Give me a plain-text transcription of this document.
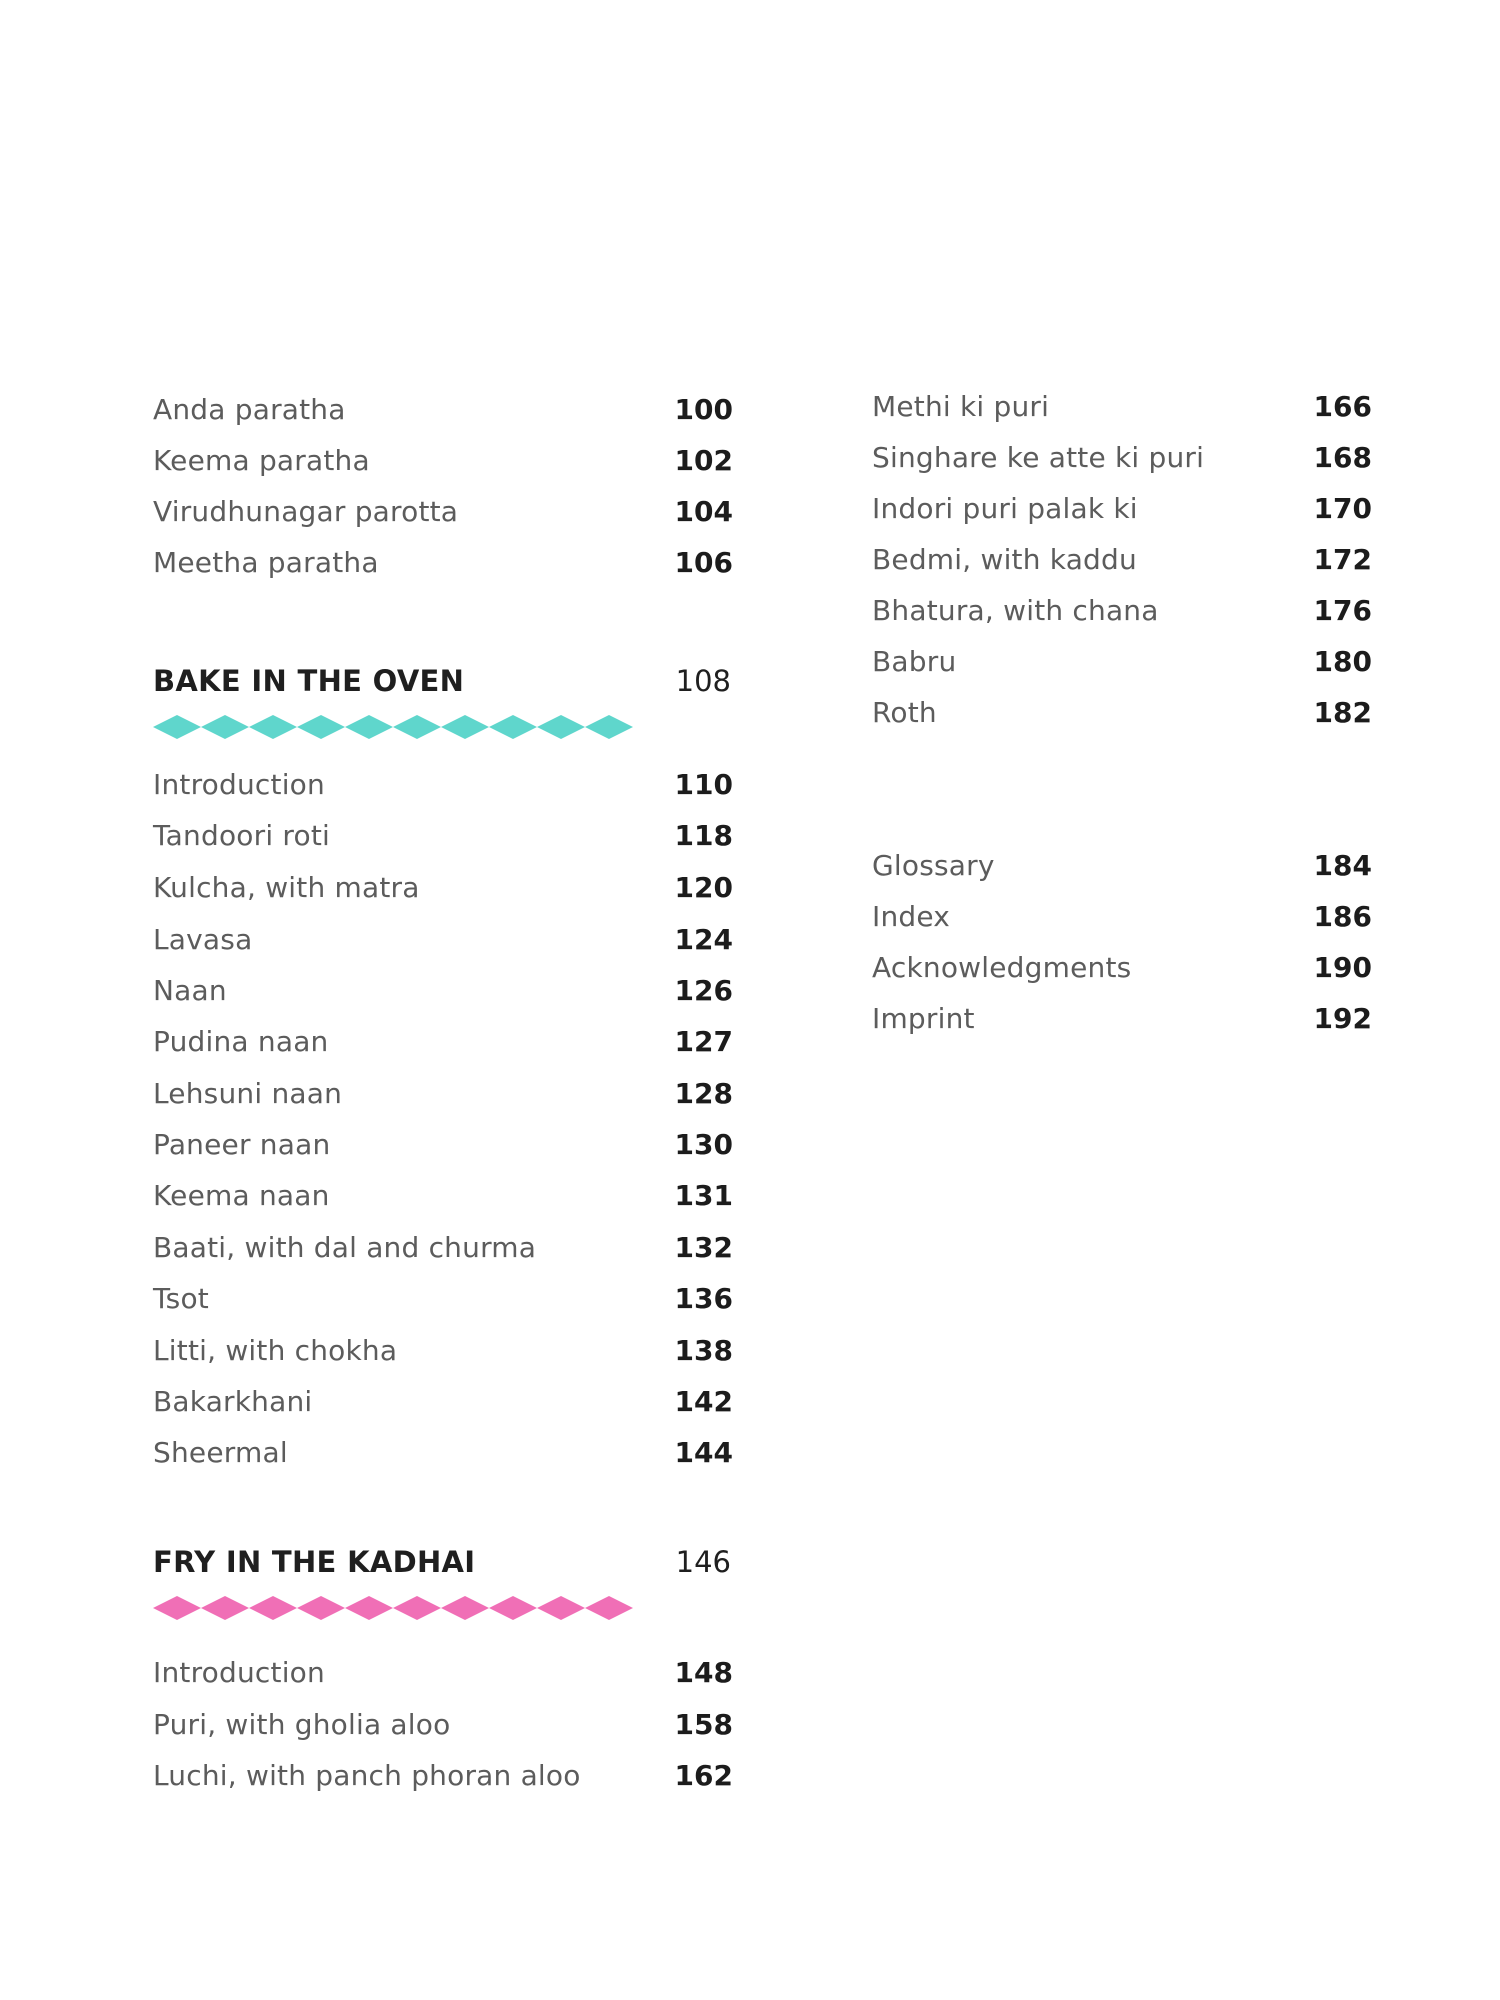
Anda paratha	100
Keema paratha	102
Virudhunagar parotta	104
Meetha paratha	106
BAKE IN THE OVEN	108
Introduction	110
Tandoori roti	118
Kulcha, with matra	120
Lavasa	124
Naan	126
Pudina naan	127
Lehsuni naan	128
Paneer naan	130
Keema naan	131
Baati, with dal and churma	132
Tsot	136
Litti, with chokha	138
Bakarkhani	142
Sheermal	144
FRY IN THE KADHAI	146
Introduction	148
Puri, with gholia aloo	158
Luchi, with panch phoran aloo	162
Methi ki puri	166
Singhare ke atte ki puri	168
Indori puri palak ki	170
Bedmi, with kaddu	172
Bhatura, with chana	176
Babru	180
Roth	182
Glossary	184
Index	186
Acknowledgments	190
Imprint	192
